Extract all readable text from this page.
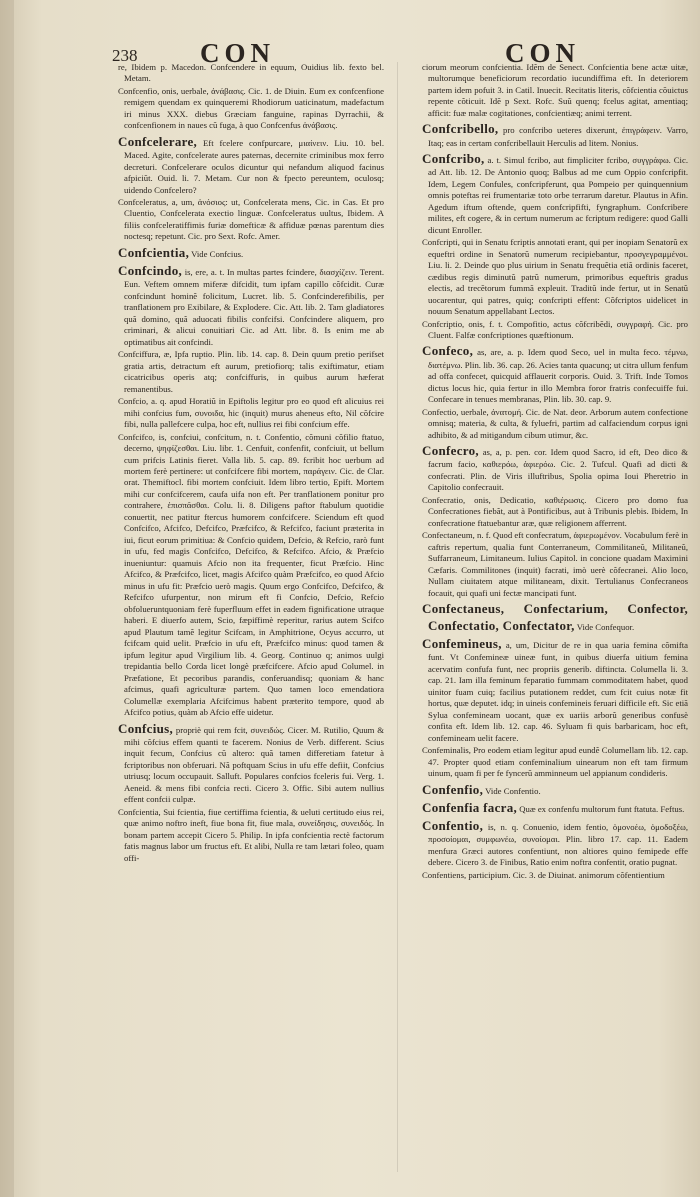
238 CON	CON

re, Ibidem p. Macedon. Confcendere in equum, Ouidius lib. fexto bel. Metam.

Confcenfio, onis, uerbale, ἀνάβασις. Cic. 1. de Diuin. Eum ex confcenfione remigem quendam ex quinqueremi Rhodiorum uaticinatum, madefactum iri minus XXX. diebus Græciam fanguine, rapinas Dyrrachii, & confcenfionem in naues cũ fuga, à quo Confcenfus ἀνάβασις.

Confcelerare, Eft fcelere confpurcare, μιαίνειν. Liu. 10. bel. Maced. Agite, confcelerate aures paternas, decernite criminibus mox ferro decreturi. Confcelerare oculos dicuntur qui nefandum aliquod facinus afpiciũt. Ouid. li. 7. Metam. Cur non & fpecto pereuntem, oculosq; uidendo Confcelero?

Confceleratus, a, um, ἀνόσιος: ut, Confcelerata mens, Cic. in Cas. Et pro Cluentio, Confcelerata exectio linguæ. Confceleratus uultus, Ibidem. A filiis confceleratiffimis furiæ domefticæ & affiduæ pœnas parentum dies noctesq; repetunt. Cic. pro Sext. Rofc. Amer.

Confcientia, Vide Confcius.

Confcindo, is, ere, a. t. In multas partes fcindere, διασχίζειν. Terent. Eun. Veftem omnem miferæ difcidit, tum ipfam capillo cõfcidit. Curæ confcindunt hominẽ folicitum, Lucret. lib. 5. Confcinderefibilis, per tranflationem pro Exibilare, & Explodere. Cic. Att. lib. 2. Tam gladiatores quã domino, quã aduocati fibilis confcifsi. Confcindere aliquem, pro criminari, & alicui conuitiari Cic. ad Att. libr. 8. Is enim me ab optimatibus ait confcindi.

Confciffura, æ, Ipfa ruptio. Plin. lib. 14. cap. 8. Dein quum pretio perifset gratia artis, detractum eft aurum, pretiofiorq; talis exiftimatur, etiam cicatricibus operis atq; confciffuris, in quibus aurum hæferat remanentibus.

Confcio, a. q. apud Horatiũ in Epiftolis legitur pro eo quod eft alicuius rei mihi confcius fum, συνοιδα, hic (inquit) murus aheneus efto, Nil cõfcire fibi, nulla pallefcere culpa, hoc eft, nullius rei fibi confcium effe.

Confcifco, is, confciui, confcitum, n. t. Confentio, cõmuni cõfilio ftatuo, decerno, ψηφίζεσθαι. Liu. libr. 1. Cenfuit, confenfit, confciuit, ut bellum cum prifcis Latinis fieret. Valla lib. 5. cap. 89. fcribit hoc uerbum ad mortem ferè pertinere: ut confcifcere fibi mortem, παράγειν. Cic. de Clar. orat. Themiftocl. fibi mortem confciuit. Idem libro tertio, Epift. Mortem mihi cur confcifcerem, caufa uifa non eft. Per tranflationem ponitur pro contrahere, ἐπισπᾶσθαι. Colu. li. 8. Diligens paftor ftabulum quotidie conuertit, nec patitur ftercus humorem confcifcere. Sciendum eft quod Confcifco, Afcifco, Defcifco, Præfcifco, & Refcifco, faciunt præterita in iui, ficut eorum primitiua: & Confcio quidem, Defcio, & Refcio, rarò funt in ufu, fed magis Confcifco, Defcifco, & Refcifco. Afcio, & Præfcio inueniuntur: quamuis Afcio non ita frequenter, ficut Præfcio. Hinc Afcifco, & Præfcifco, licet, magis Afcifco quàm Præfcifco, eo quod Afcio minus in ufu fit: Præfcio uerò magis. Quum ergo Confcifco, Defcifco, & Refcifco ufurpentur, non mirum eft fi Confcio, Defcio, Refcio obfolueruntquoniam ferè fuperfluum effet in eadem fignificatione utraque haberi. E diuerfo autem, Scio, fæpiffimè reperitur, rarius autem Scifco apud Plautum tamẽ legitur Scifcam, in Amphitrione, Ocyus accurro, ut fcifcam quid uelit. Præfcio in ufu eft, Præfcifco minus: quod tamen & ipfum legitur apud Virgilium lib. 4. Georg. Continuo q; animos uulgi trepidantia bello Corda licet longè præfcifcere. Afcio apud Columel. in Præfatione, Et pecoribus parandis, conferuandisq; quoniam & hanc afcimus, quafi agriculturæ partem. Quo tamen loco emendatiora Columellæ exemplaria Afcifcimus habent præterito tempore, quod ab Afcifco potius, quàm ab Afcio effe uidetur.

Confcius, propriè qui rem fcit, συνειδώς. Cicer. M. Rutilio, Quum & mihi cõfcius effem quanti te facerem. Nonius de Verb. different. Scius inquit fecum, Confcius cũ altero: quã tamen differetiam fatetur à fcriptoribus non obferuari. Nã poftquam Scius in ufu effe defiit, Confcius utriusq; locum occupauit. Salluft. Populares confcios fceleris fui. Verg. 1. Aeneid. & mens fibi confcia recti. Cicero 3. Offic. Sibi autem nullius effent confcii culpæ.

Confcientia, Sui fcientia, fiue certiffima fcientia, & ueluti certitudo eius rei, quæ animo noftro ineft, fiue bona fit, fiue mala, συνείδησις, συνειδός. In bonam partem accepit Cicero 5. Philip. In ipfa confcientia rectè factorum fatis magnus labor um fructus eft. Et alibi, Nulla re tam lætari foleo, quam offi-

ciorum meorum confcientia. Idẽm de Senect. Confcientia bene actæ uitæ, multorumque beneficiorum recordatio iucundiffima eft. In deteriorem partem idem pofuit 3. in Catil. Inuecit. Recitatis literis, cõfcientia cõuictus repente cõticuit. Idẽ p Sext. Rofc. Suũ quenq; fcelus agitat, amentiaq; afficit: fuæ malæ cogitationes, confcientiæq; animi terrent.

Confcribello, pro confcribo ueteres dixerunt, ἐπιγράφειν. Varro, Itaq; eas in certam confcribellauit Herculis ad litem. Nonius.

Confcribo, a. t. Simul fcribo, aut fimpliciter fcribo, συγγράφω. Cic. ad Att. lib. 12. De Antonio quoq; Balbus ad me cum Oppio confcripfit. Idem, Legem Confules, confcripferunt, qua Pompeio per quinquennium omnis poteftas rei frumentariæ toto orbe terrarum daretur. Plautus in Afin. Agedum iftum oftende, quem confcripfifti, fyngraphum. Confcribere milites, eft cogere, & in certum numerum ac fcriptum redigere: quod Galli dicunt Enroller.

Confcripti, qui in Senatu fcriptis annotati erant, qui per inopiam Senatorũ ex equeftri ordine in Senatorũ numerum recipiebantur, προσγεγραμμένοι. Liu. li. 2. Deinde quo plus uirium in Senatu frequẽtia etiã ordinis faceret, cædibus regis diminutũ patrũ numerum, primoribus equeftris gradus electis, ad trecẽtorum fummã expleuit. Traditũ inde fertur, ut in Senatũ uocarentur, qui patres, quiq; confcripti effent: Cõfcriptos uidelicet in nouum Senatum appellabant Lectos.

Confcriptio, onis, f. t. Compofitio, actus cõfcribẽdi, συγγραφή. Cic. pro Cluent. Falfæ confcriptiones quæftionum.

Confeco, as, are, a. p. Idem quod Seco, uel in multa feco. τέμνω, διατέμνω. Plin. lib. 36. cap. 26. Acies tanta quacunq; ut citra ullum fenfum ad offa confecet, quicquid afflauerit corporis. Ouid. 3. Trift. Inde Tomos dictus locus hic, quia fertur in illo Membra foror fratris confecuiffe fui. Confecare in tenues membranas, Plin. lib. 30. cap. 9.

Confectio, uerbale, ἀνατομή. Cic. de Nat. deor. Arborum autem confectione omnisq; materia, & culta, & fyluefri, partim ad calfaciendum corpus igni adhibito, & ad mitigandum cibum utimur, &c.

Confecro, as, a, p. pen. cor. Idem quod Sacro, id eft, Deo dico & facrum facio, καθιερόω, ἀφιερόω. Cic. 2. Tufcul. Quafi ad dicti & confecrati. Plin. de Viris illuftribus, Spolia opima Ioui Pheretrio in Capitolio confecrauit.

Confecratio, onis, Dedicatio, καθιέρωσις. Cicero pro domo fua Confecrationes fiebãt, aut à Pontificibus, aut à Tribunis plebis. Ibidem, In confecratione ftatuebantur aræ, quæ religionem afferrent.

Confectaneum, n. f. Quod eft confecratum, ἀφιερωμένον. Vocabulum ferè in caftris repertum, qualia funt Conterraneum, Commilitaneũ, Militaneũ, Suffarraneum, Limitaneum. Iulius Capitol. in concione quadam Maximini Cæfaris. Commilitones (inquit) facrati, imò uerè cõfecranei. Alio loco, Nullam ciuitatem atque militaneam, dixit. Tertulianus Confecraneos focauit, qui quafi uni fectæ mancipati funt.

Confectaneus, Confectarium, Confector, Confectatio, Confectator, Vide Confequor.

Confemineus, a, um, Dicitur de re in qua uaria femina cõmifta funt. Vt Confemineæ uineæ funt, in quibus diuerfa uitium femina acervatim confufa funt, nec propriis generib. diftincta. Columella li. 3. cap. 21. Iam illa feminum feparatio fummam commoditatem habet, quod uinitor fuam cuiq; facilius putationem reddet, cum fcit cuius notæ fit hortus, quæ deputet. idq; in uineis confemineis feruari difficile eft. Sic etiã Sylua confemineam uocant, quæ ex uariis arborũ generibus confusè confita eft. Idem lib. 12. cap. 46. Syluam fi quis barbaricam, hoc eft, confemineam uelit facere.

Confeminalis, Pro eodem etiam legitur apud eundẽ Columellam lib. 12. cap. 47. Propter quod etiam confeminalium uinearum non eft tam firmum uinum, quam fi per fe fyncerũ amminneum uel appianum condideris.

Confenfio, Vide Confentio.

Confenfia facra, Quæ ex confenfu multorum funt ftatuta. Feftus.

Confentio, is, n. q. Conuenio, idem fentio, ὁμονοέω, ὁμοδοξέω, προσοίομαι, συμφωνέω, συνοίομαι. Plin. libro 17. cap. 11. Eadem menfura Græci autores confentiunt, non altiores quino femipede effe debere. Cicero 3. de Finibus, Ratio enim noftra confentit, oratio pugnat.

Confentiens, participium. Cic. 3. de Diuinat. animorum cõfentientium
